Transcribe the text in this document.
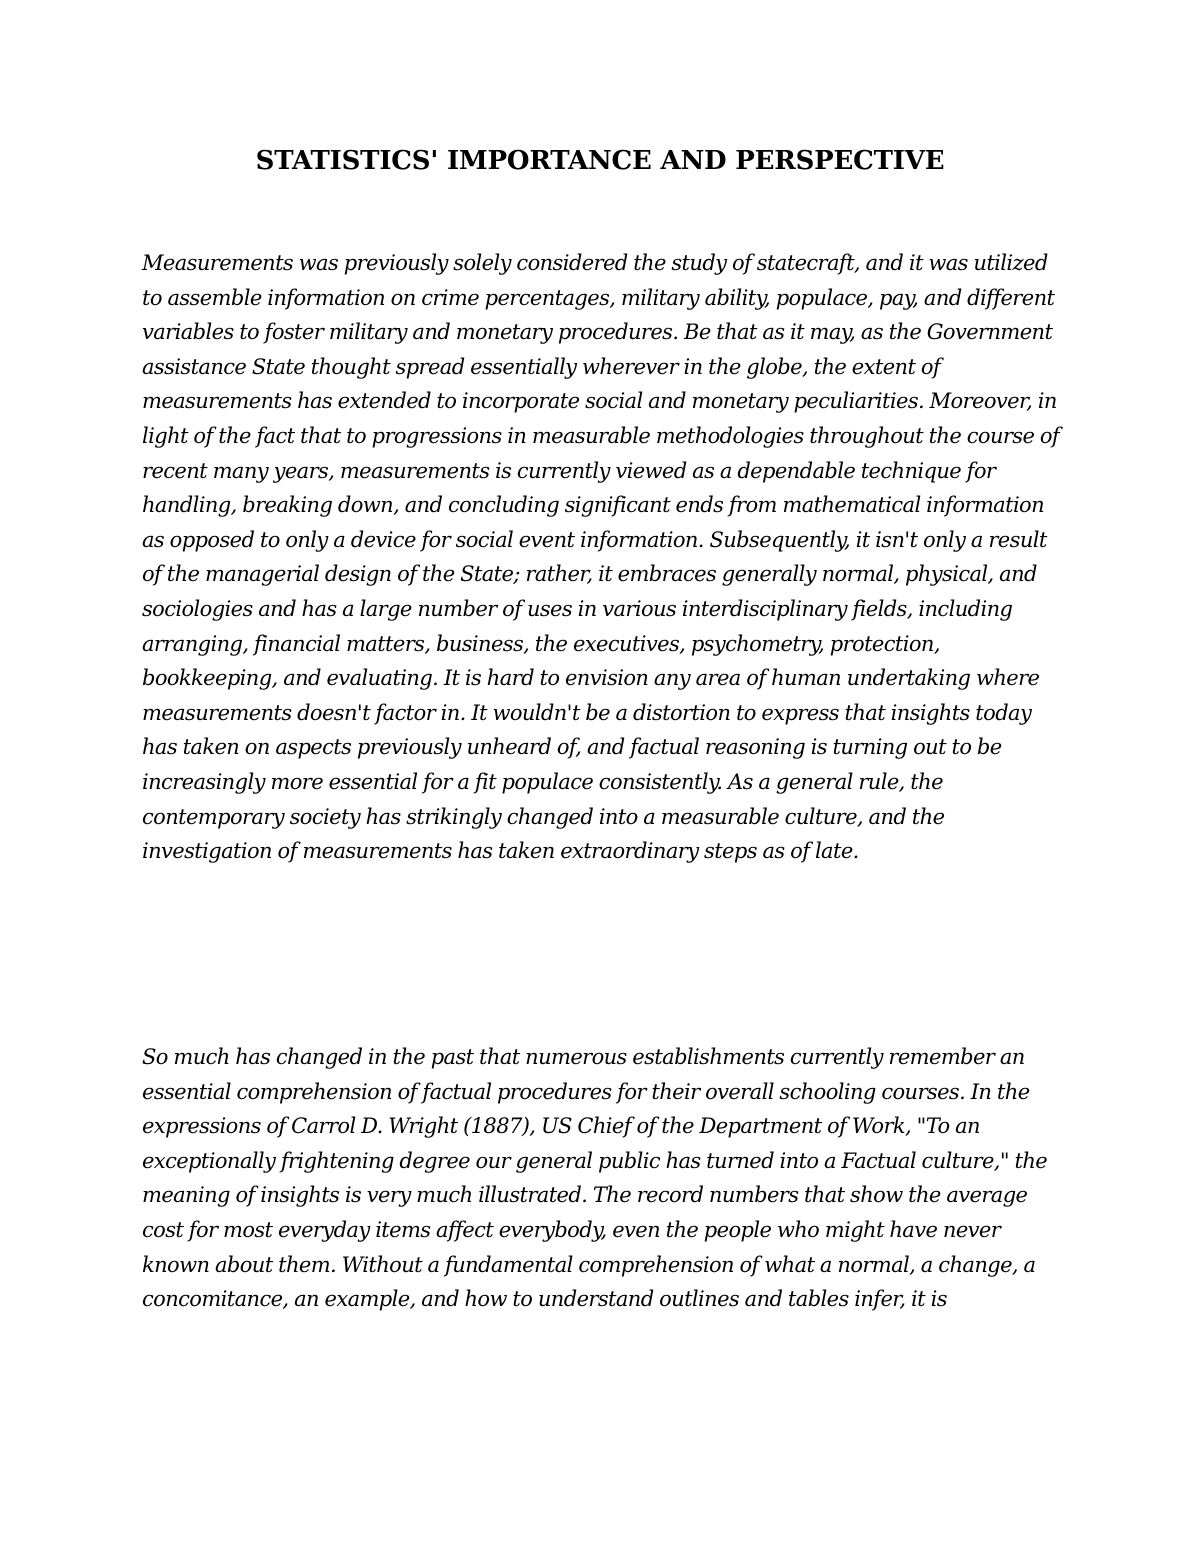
STATISTICS' IMPORTANCE AND PERSPECTIVE

Measurements was previously solely considered the study of statecraft, and it was utilized to assemble information on crime percentages, military ability, populace, pay, and different variables to foster military and monetary procedures. Be that as it may, as the Government assistance State thought spread essentially wherever in the globe, the extent of measurements has extended to incorporate social and monetary peculiarities. Moreover, in light of the fact that to progressions in measurable methodologies throughout the course of recent many years, measurements is currently viewed as a dependable technique for handling, breaking down, and concluding significant ends from mathematical information as opposed to only a device for social event information. Subsequently, it isn't only a result of the managerial design of the State; rather, it embraces generally normal, physical, and sociologies and has a large number of uses in various interdisciplinary fields, including arranging, financial matters, business, the executives, psychometry, protection, bookkeeping, and evaluating. It is hard to envision any area of human undertaking where measurements doesn't factor in. It wouldn't be a distortion to express that insights today has taken on aspects previously unheard of, and factual reasoning is turning out to be increasingly more essential for a fit populace consistently. As a general rule, the contemporary society has strikingly changed into a measurable culture, and the investigation of measurements has taken extraordinary steps as of late.

So much has changed in the past that numerous establishments currently remember an essential comprehension of factual procedures for their overall schooling courses. In the expressions of Carrol D. Wright (1887), US Chief of the Department of Work, "To an exceptionally frightening degree our general public has turned into a Factual culture," the meaning of insights is very much illustrated. The record numbers that show the average cost for most everyday items affect everybody, even the people who might have never known about them. Without a fundamental comprehension of what a normal, a change, a concomitance, an example, and how to understand outlines and tables infer, it is
